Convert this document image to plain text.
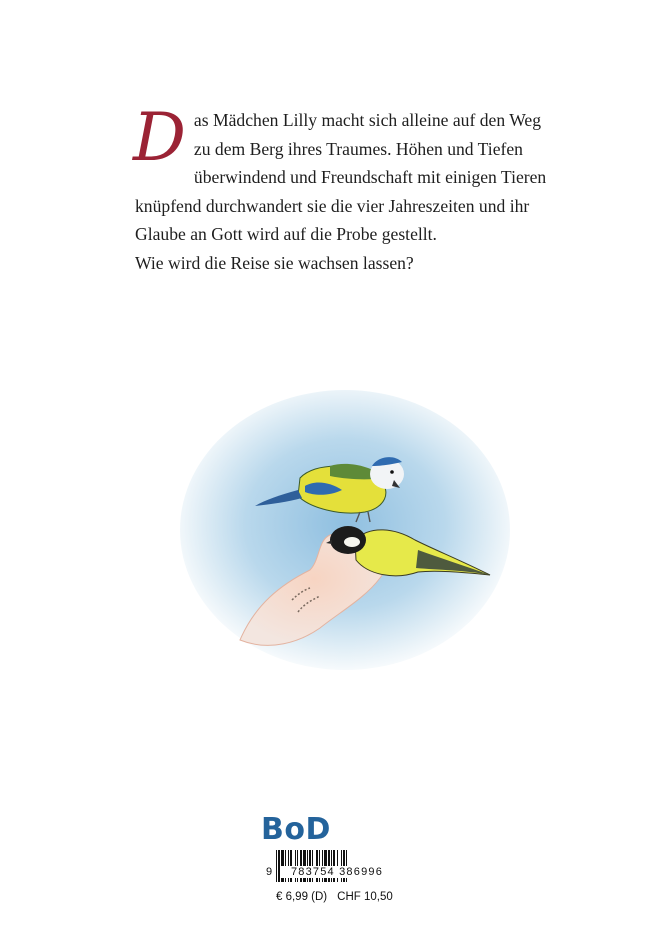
D as Mädchen Lilly macht sich alleine auf den Weg zu dem Berg ihres Traumes. Höhen und Tiefen überwindend und Freundschaft mit einigen Tieren knüpfend durchwandert sie die vier Jahreszeiten und ihr Glaube an Gott wird auf die Probe gestellt.

Wie wird die Reise sie wachsen lassen?

BoD
9	783754 386996
€ 6,99 (D) CHF 10,50
